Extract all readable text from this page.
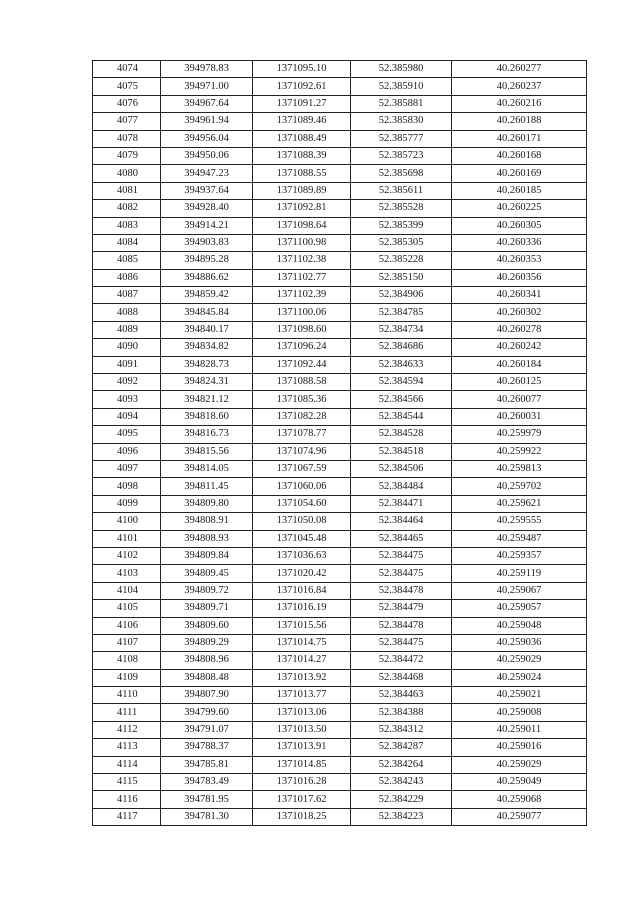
4074	394978.83	1371095.10	52.385980	40.260277
4075	394971.00	1371092.61	52.385910	40.260237
4076	394967.64	1371091.27	52.385881	40.260216
4077	394961.94	1371089.46	52.385830	40.260188
4078	394956.04	1371088.49	52.385777	40.260171
4079	394950.06	1371088.39	52.385723	40.260168
4080	394947.23	1371088.55	52.385698	40.260169
4081	394937.64	1371089.89	52.385611	40.260185
4082	394928.40	1371092.81	52.385528	40.260225
4083	394914.21	1371098.64	52.385399	40.260305
4084	394903.83	1371100.98	52.385305	40.260336
4085	394895.28	1371102.38	52.385228	40.260353
4086	394886.62	1371102.77	52.385150	40.260356
4087	394859.42	1371102.39	52.384906	40.260341
4088	394845.84	1371100.06	52.384785	40.260302
4089	394840.17	1371098.60	52.384734	40.260278
4090	394834.82	1371096.24	52.384686	40.260242
4091	394828.73	1371092.44	52.384633	40.260184
4092	394824.31	1371088.58	52.384594	40.260125
4093	394821.12	1371085.36	52.384566	40.260077
4094	394818.60	1371082.28	52.384544	40.260031
4095	394816.73	1371078.77	52.384528	40.259979
4096	394815.56	1371074.96	52.384518	40.259922
4097	394814.05	1371067.59	52.384506	40.259813
4098	394811.45	1371060.06	52.384484	40.259702
4099	394809.80	1371054.60	52.384471	40.259621
4100	394808.91	1371050.08	52.384464	40.259555
4101	394808.93	1371045.48	52.384465	40.259487
4102	394809.84	1371036.63	52.384475	40.259357
4103	394809.45	1371020.42	52.384475	40.259119
4104	394809.72	1371016.84	52.384478	40.259067
4105	394809.71	1371016.19	52.384479	40.259057
4106	394809.60	1371015.56	52.384478	40.259048
4107	394809.29	1371014.75	52.384475	40.259036
4108	394808.96	1371014.27	52.384472	40.259029
4109	394808.48	1371013.92	52.384468	40.259024
4110	394807.90	1371013.77	52.384463	40.259021
4111	394799.60	1371013.06	52.384388	40.259008
4112	394791.07	1371013.50	52.384312	40.259011
4113	394788.37	1371013.91	52.384287	40.259016
4114	394785.81	1371014.85	52.384264	40.259029
4115	394783.49	1371016.28	52.384243	40.259049
4116	394781.95	1371017.62	52.384229	40.259068
4117	394781.30	1371018.25	52.384223	40.259077
